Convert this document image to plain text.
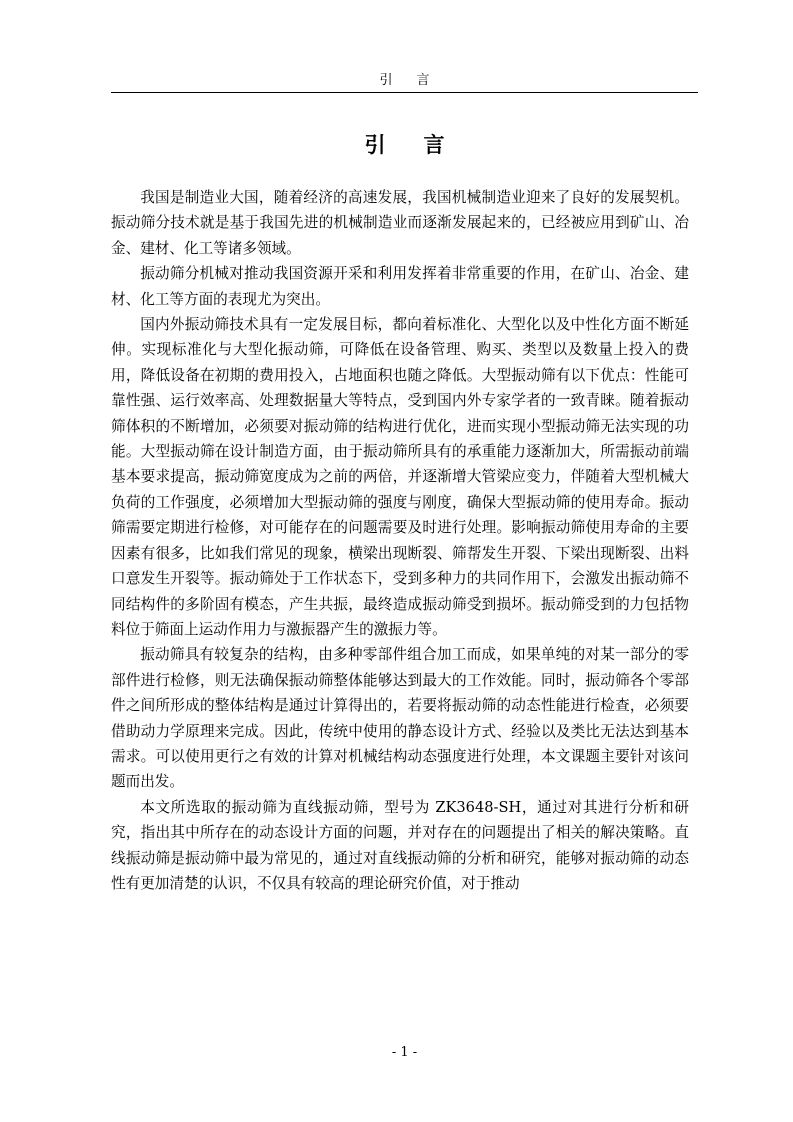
引言
引言

我国是制造业大国，随着经济的高速发展，我国机械制造业迎来了良好的发展契机。振动筛分技术就是基于我国先进的机械制造业而逐渐发展起来的，已经被应用到矿山、冶金、建材、化工等诸多领域。

振动筛分机械对推动我国资源开采和利用发挥着非常重要的作用，在矿山、冶金、建材、化工等方面的表现尤为突出。

国内外振动筛技术具有一定发展目标，都向着标准化、大型化以及中性化方面不断延伸。实现标准化与大型化振动筛，可降低在设备管理、购买、类型以及数量上投入的费用，降低设备在初期的费用投入，占地面积也随之降低。大型振动筛有以下优点：性能可靠性强、运行效率高、处理数据量大等特点，受到国内外专家学者的一致青睐。随着振动筛体积的不断增加，必须要对振动筛的结构进行优化，进而实现小型振动筛无法实现的功能。大型振动筛在设计制造方面，由于振动筛所具有的承重能力逐渐加大，所需振动前端基本要求提高，振动筛宽度成为之前的两倍，并逐渐增大管梁应变力，伴随着大型机械大负荷的工作强度，必须增加大型振动筛的强度与刚度，确保大型振动筛的使用寿命。振动筛需要定期进行检修，对可能存在的问题需要及时进行处理。影响振动筛使用寿命的主要因素有很多，比如我们常见的现象，横梁出现断裂、筛帮发生开裂、下梁出现断裂、出料口意发生开裂等。振动筛处于工作状态下，受到多种力的共同作用下，会激发出振动筛不同结构件的多阶固有模态，产生共振，最终造成振动筛受到损坏。振动筛受到的力包括物料位于筛面上运动作用力与激振器产生的激振力等。

振动筛具有较复杂的结构，由多种零部件组合加工而成，如果单纯的对某一部分的零部件进行检修，则无法确保振动筛整体能够达到最大的工作效能。同时，振动筛各个零部件之间所形成的整体结构是通过计算得出的，若要将振动筛的动态性能进行检查，必须要借助动力学原理来完成。因此，传统中使用的静态设计方式、经验以及类比无法达到基本需求。可以使用更行之有效的计算对机械结构动态强度进行处理，本文课题主要针对该问题而出发。

本文所选取的振动筛为直线振动筛，型号为 ZK3648-SH，通过对其进行分析和研究，指出其中所存在的动态设计方面的问题，并对存在的问题提出了相关的解决策略。直线振动筛是振动筛中最为常见的，通过对直线振动筛的分析和研究，能够对振动筛的动态性有更加清楚的认识，不仅具有较高的理论研究价值，对于推动

- 1 -
